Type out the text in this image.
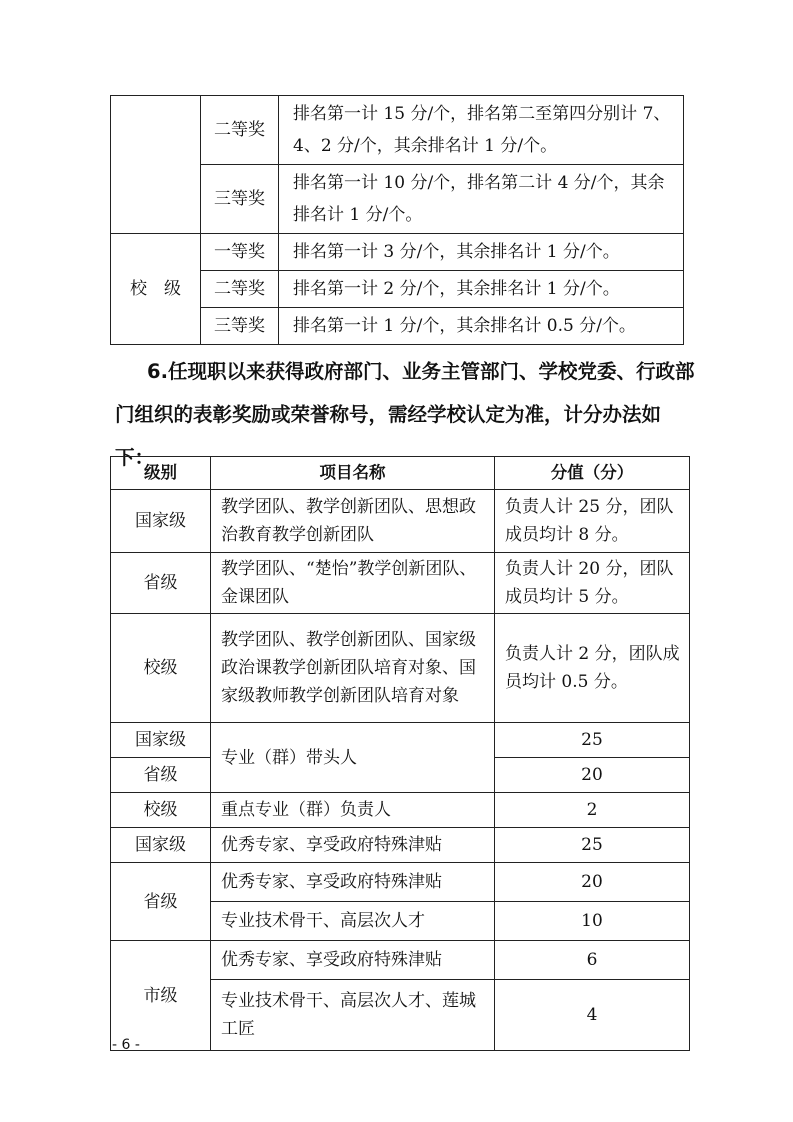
	二等奖	排名第一计 15 分/个，排名第二至第四分别计 7、4、2 分/个，其余排名计 1 分/个。
	三等奖	排名第一计 10 分/个，排名第二计 4 分/个，其余排名计 1 分/个。
校　级	一等奖	排名第一计 3 分/个，其余排名计 1 分/个。
	二等奖	排名第一计 2 分/个，其余排名计 1 分/个。
	三等奖	排名第一计 1 分/个，其余排名计 0.5 分/个。
6.任现职以来获得政府部门、业务主管部门、学校党委、行政部门组织的表彰奖励或荣誉称号，需经学校认定为准，计分办法如下：
级别	项目名称	分值（分）
国家级	教学团队、教学创新团队、思想政治教育教学创新团队	负责人计 25 分，团队成员均计 8 分。
省级	教学团队、“楚怡”教学创新团队、金课团队	负责人计 20 分，团队成员均计 5 分。
校级	教学团队、教学创新团队、国家级政治课教学创新团队培育对象、国家级教师教学创新团队培育对象	负责人计 2 分，团队成员均计 0.5 分。
国家级	专业（群）带头人	25
省级		20
校级	重点专业（群）负责人	2
国家级	优秀专家、享受政府特殊津贴	25
省级	优秀专家、享受政府特殊津贴	20
	专业技术骨干、高层次人才	10
市级	优秀专家、享受政府特殊津贴	6
	专业技术骨干、高层次人才、莲城工匠	4
- 6 -
